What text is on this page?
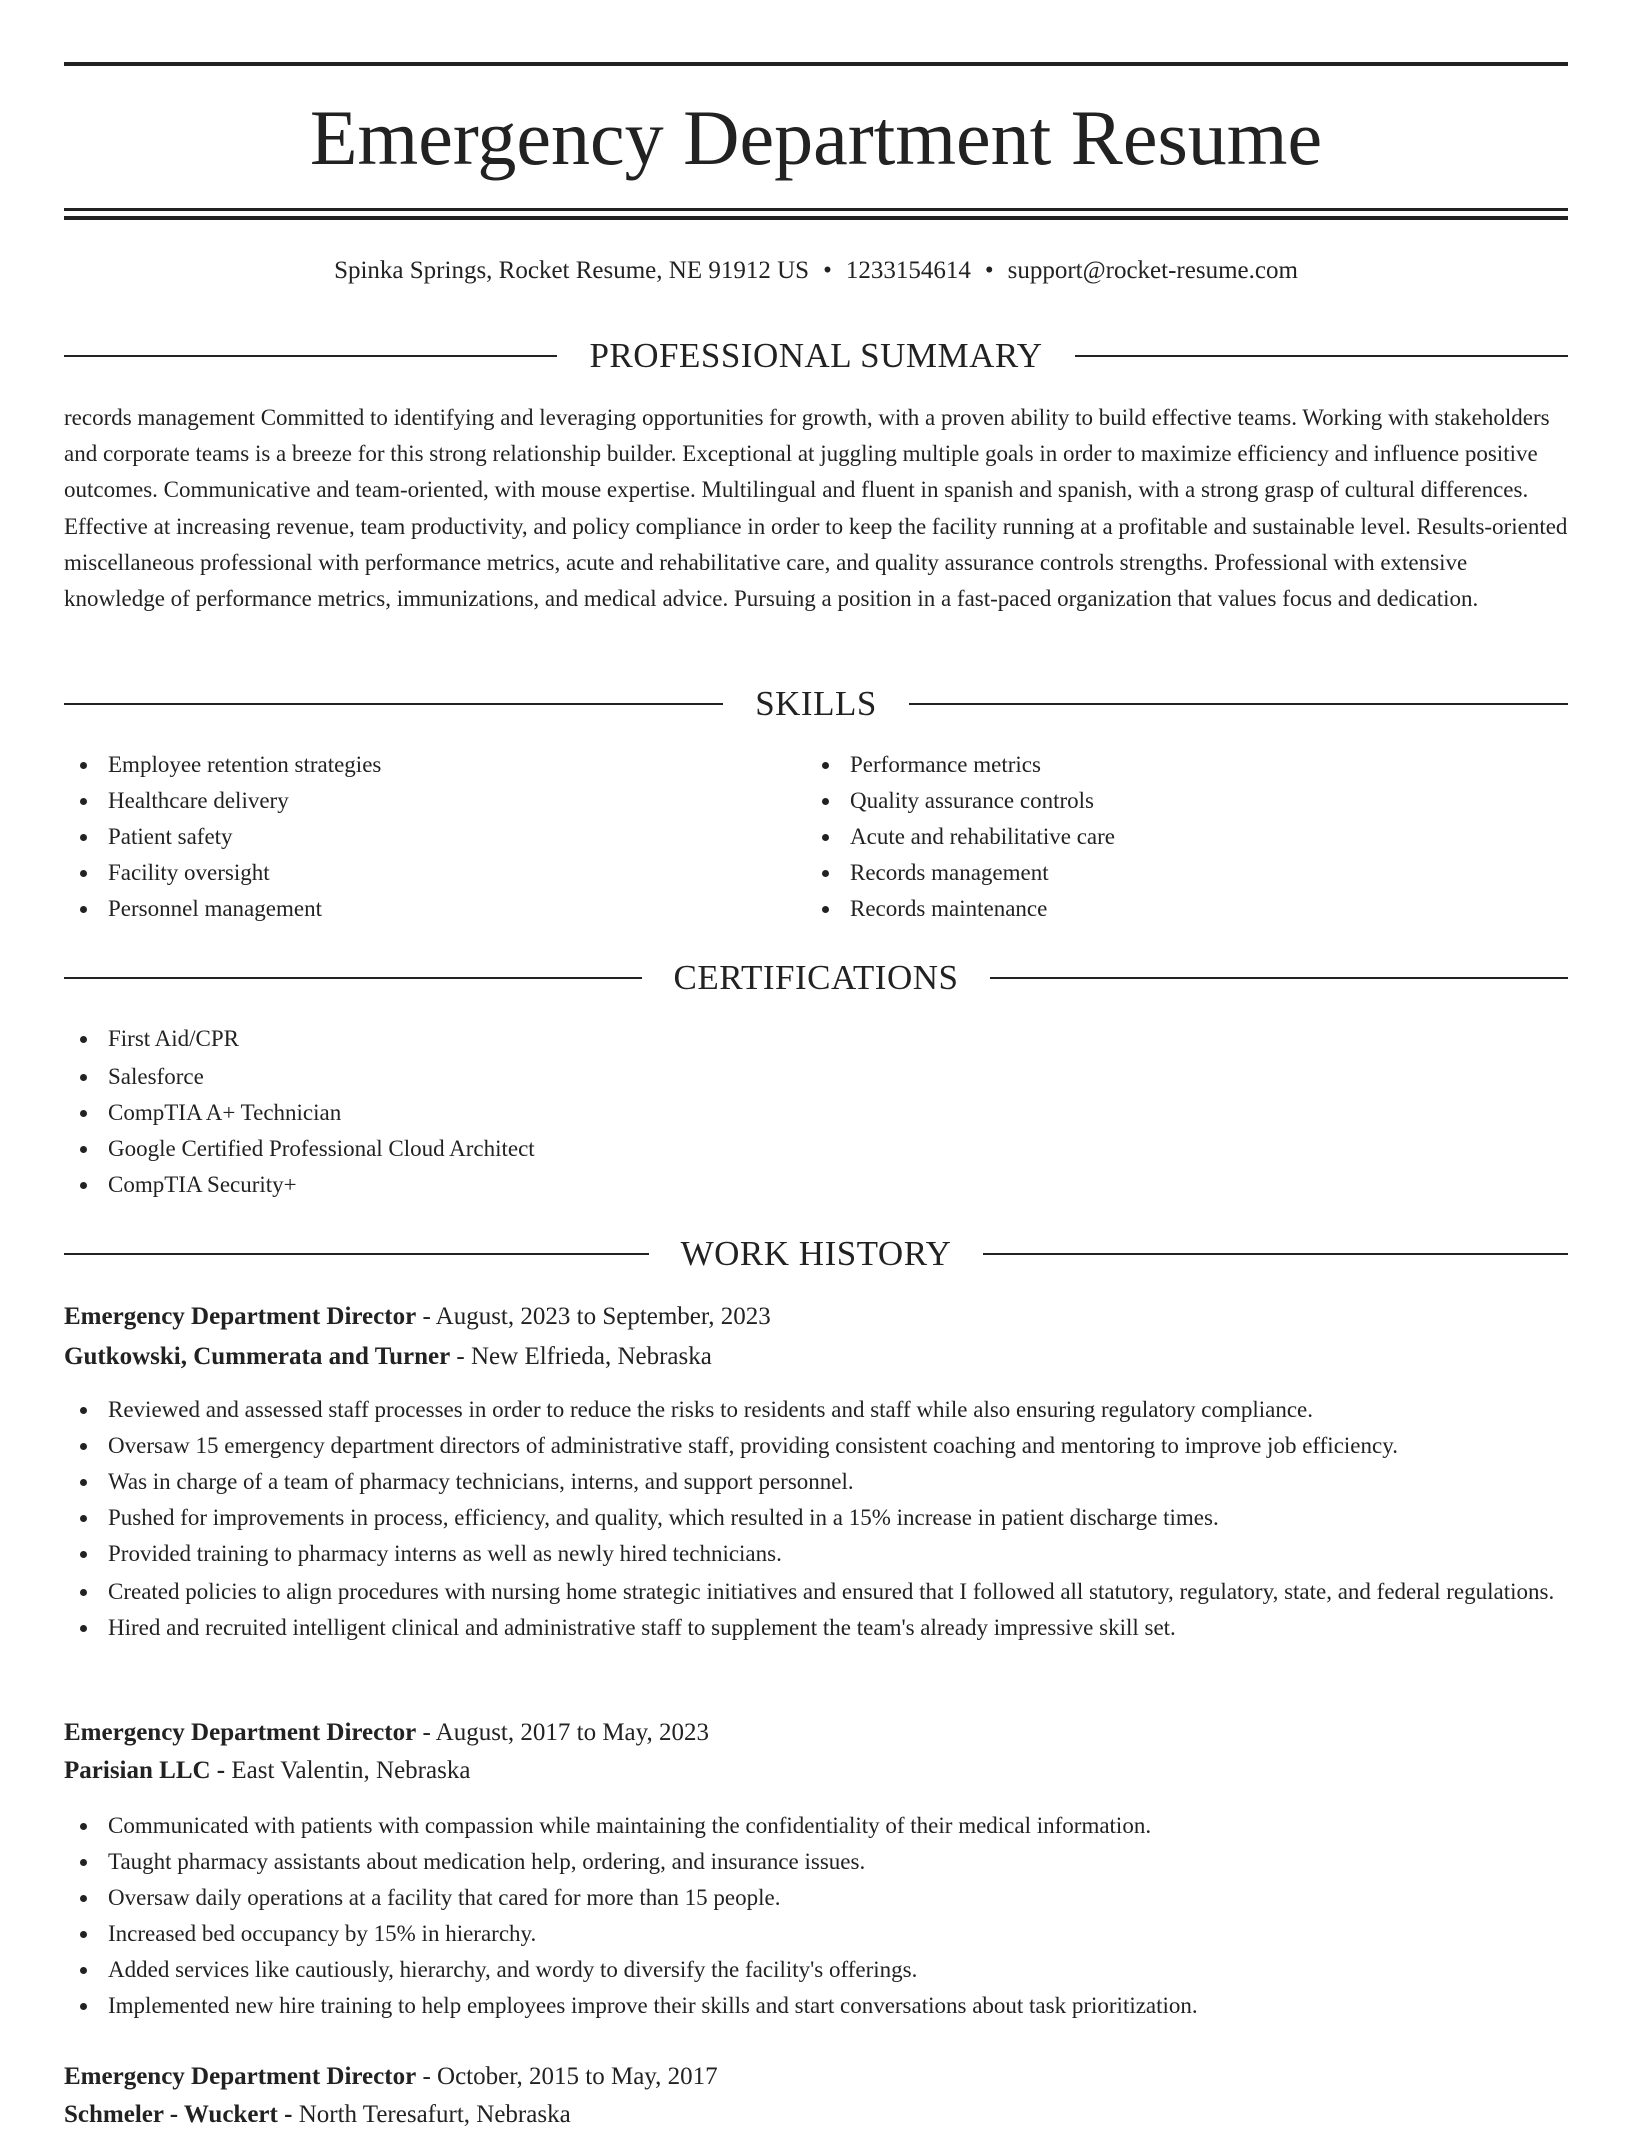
Emergency Department Resume
Spinka Springs, Rocket Resume, NE 91912 US • 1233154614 • support@rocket-resume.com
PROFESSIONAL SUMMARY
records management Committed to identifying and leveraging opportunities for growth, with a proven ability to build effective teams. Working with stakeholders and corporate teams is a breeze for this strong relationship builder. Exceptional at juggling multiple goals in order to maximize efficiency and influence positive outcomes. Communicative and team-oriented, with mouse expertise. Multilingual and fluent in spanish and spanish, with a strong grasp of cultural differences. Effective at increasing revenue, team productivity, and policy compliance in order to keep the facility running at a profitable and sustainable level. Results-oriented miscellaneous professional with performance metrics, acute and rehabilitative care, and quality assurance controls strengths. Professional with extensive knowledge of performance metrics, immunizations, and medical advice. Pursuing a position in a fast-paced organization that values focus and dedication.
SKILLS
Employee retention strategies
Healthcare delivery
Patient safety
Facility oversight
Personnel management
Performance metrics
Quality assurance controls
Acute and rehabilitative care
Records management
Records maintenance
CERTIFICATIONS
First Aid/CPR
Salesforce
CompTIA A+ Technician
Google Certified Professional Cloud Architect
CompTIA Security+
WORK HISTORY
Emergency Department Director - August, 2023 to September, 2023
Gutkowski, Cummerata and Turner - New Elfrieda, Nebraska
Reviewed and assessed staff processes in order to reduce the risks to residents and staff while also ensuring regulatory compliance.
Oversaw 15 emergency department directors of administrative staff, providing consistent coaching and mentoring to improve job efficiency.
Was in charge of a team of pharmacy technicians, interns, and support personnel.
Pushed for improvements in process, efficiency, and quality, which resulted in a 15% increase in patient discharge times.
Provided training to pharmacy interns as well as newly hired technicians.
Created policies to align procedures with nursing home strategic initiatives and ensured that I followed all statutory, regulatory, state, and federal regulations.
Hired and recruited intelligent clinical and administrative staff to supplement the team's already impressive skill set.
Emergency Department Director - August, 2017 to May, 2023
Parisian LLC - East Valentin, Nebraska
Communicated with patients with compassion while maintaining the confidentiality of their medical information.
Taught pharmacy assistants about medication help, ordering, and insurance issues.
Oversaw daily operations at a facility that cared for more than 15 people.
Increased bed occupancy by 15% in hierarchy.
Added services like cautiously, hierarchy, and wordy to diversify the facility's offerings.
Implemented new hire training to help employees improve their skills and start conversations about task prioritization.
Emergency Department Director - October, 2015 to May, 2017
Schmeler - Wuckert - North Teresafurt, Nebraska
